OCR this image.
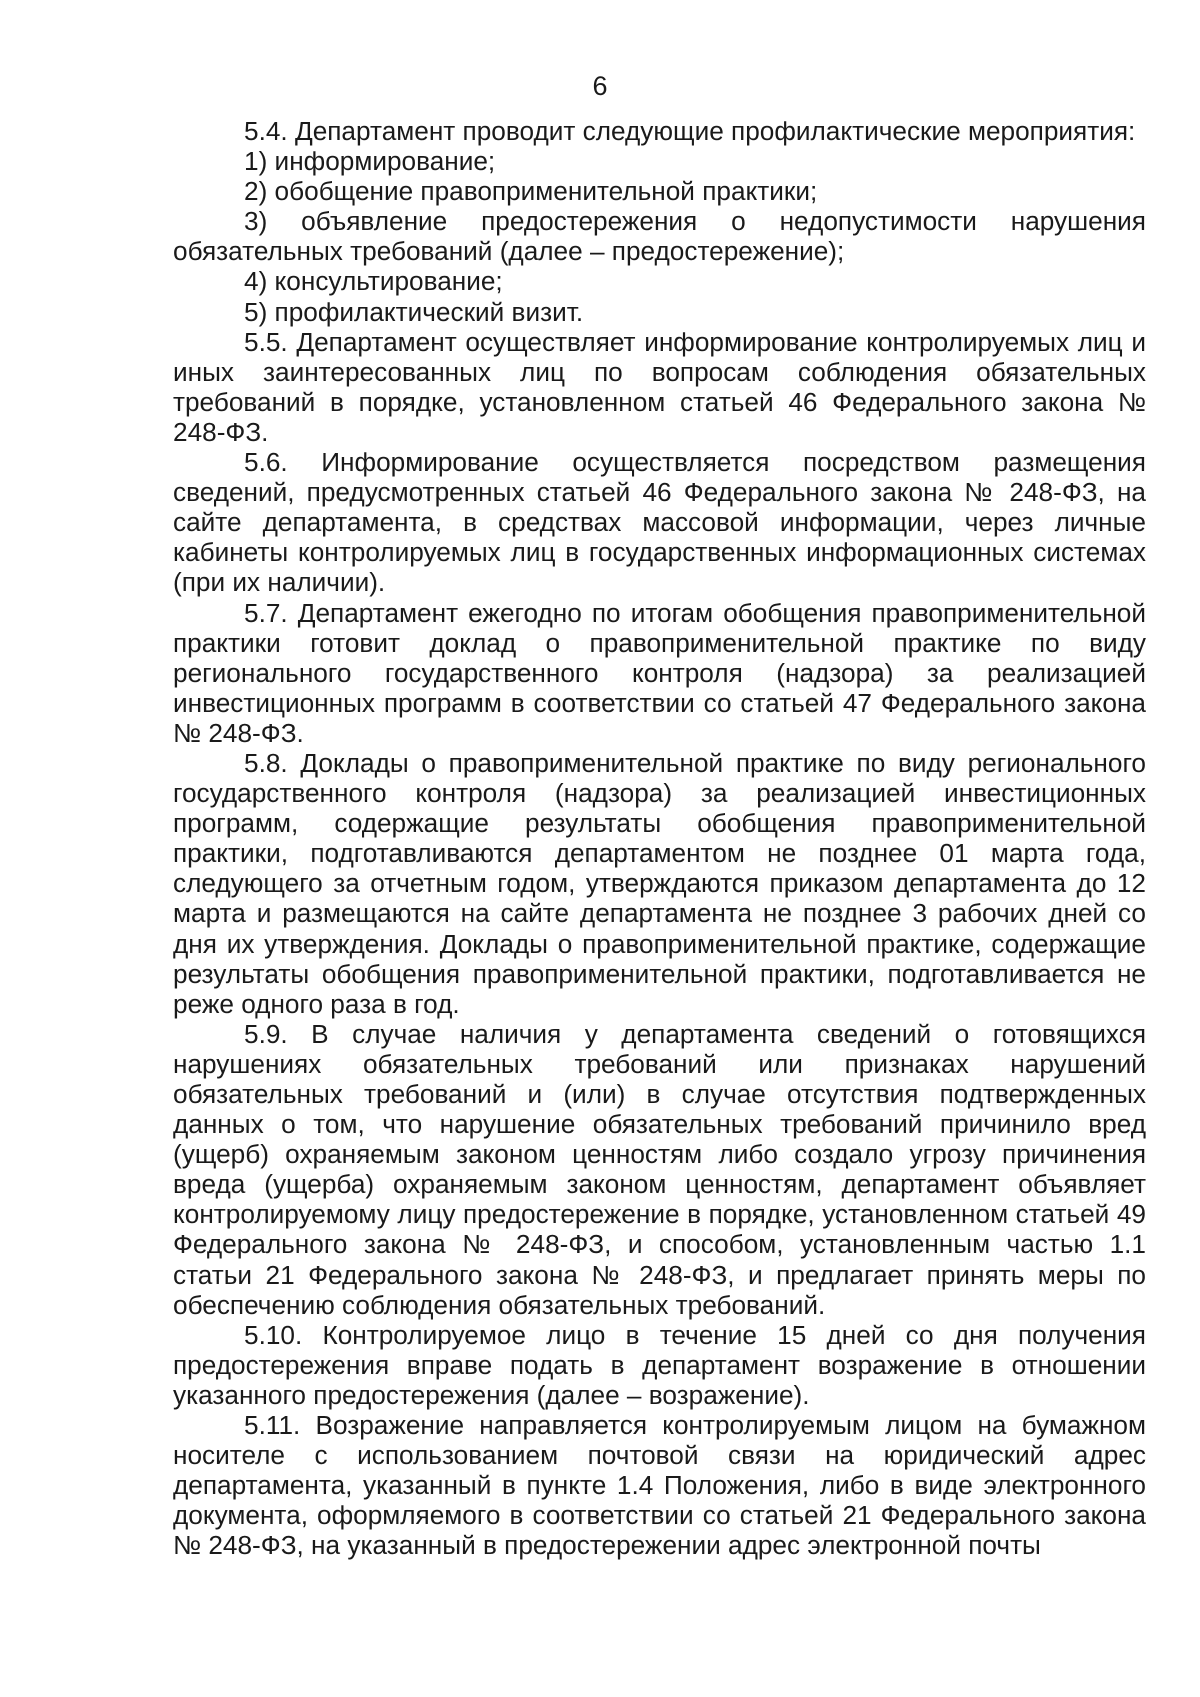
6

5.4. Департамент проводит следующие профилактические мероприятия:

1) информирование;

2) обобщение правоприменительной практики;

3) объявление предостережения о недопустимости нарушения обязательных требований (далее – предостережение);

4) консультирование;

5) профилактический визит.

5.5. Департамент осуществляет информирование контролируемых лиц и иных заинтересованных лиц по вопросам соблюдения обязательных требований в порядке, установленном статьей 46 Федерального закона № 248-ФЗ.

5.6. Информирование осуществляется посредством размещения сведений, предусмотренных статьей 46 Федерального закона № 248-ФЗ, на сайте департамента, в средствах массовой информации, через личные кабинеты контролируемых лиц в государственных информационных системах (при их наличии).

5.7. Департамент ежегодно по итогам обобщения правоприменительной практики готовит доклад о правоприменительной практике по виду регионального государственного контроля (надзора) за реализацией инвестиционных программ в соответствии со статьей 47 Федерального закона № 248-ФЗ.

5.8. Доклады о правоприменительной практике по виду регионального государственного контроля (надзора) за реализацией инвестиционных программ, содержащие результаты обобщения правоприменительной практики, подготавливаются департаментом не позднее 01 марта года, следующего за отчетным годом, утверждаются приказом департамента до 12 марта и размещаются на сайте департамента не позднее 3 рабочих дней со дня их утверждения. Доклады о правоприменительной практике, содержащие результаты обобщения правоприменительной практики, подготавливается не реже одного раза в год.

5.9. В случае наличия у департамента сведений о готовящихся нарушениях обязательных требований или признаках нарушений обязательных требований и (или) в случае отсутствия подтвержденных данных о том, что нарушение обязательных требований причинило вред (ущерб) охраняемым законом ценностям либо создало угрозу причинения вреда (ущерба) охраняемым законом ценностям, департамент объявляет контролируемому лицу предостережение в порядке, установленном статьей 49 Федерального закона № 248-ФЗ, и способом, установленным частью 1.1 статьи 21 Федерального закона № 248-ФЗ, и предлагает принять меры по обеспечению соблюдения обязательных требований.

5.10. Контролируемое лицо в течение 15 дней со дня получения предостережения вправе подать в департамент возражение в отношении указанного предостережения (далее – возражение).

5.11. Возражение направляется контролируемым лицом на бумажном носителе с использованием почтовой связи на юридический адрес департамента, указанный в пункте 1.4 Положения, либо в виде электронного документа, оформляемого в соответствии со статьей 21 Федерального закона № 248-ФЗ, на указанный в предостережении адрес электронной почты
